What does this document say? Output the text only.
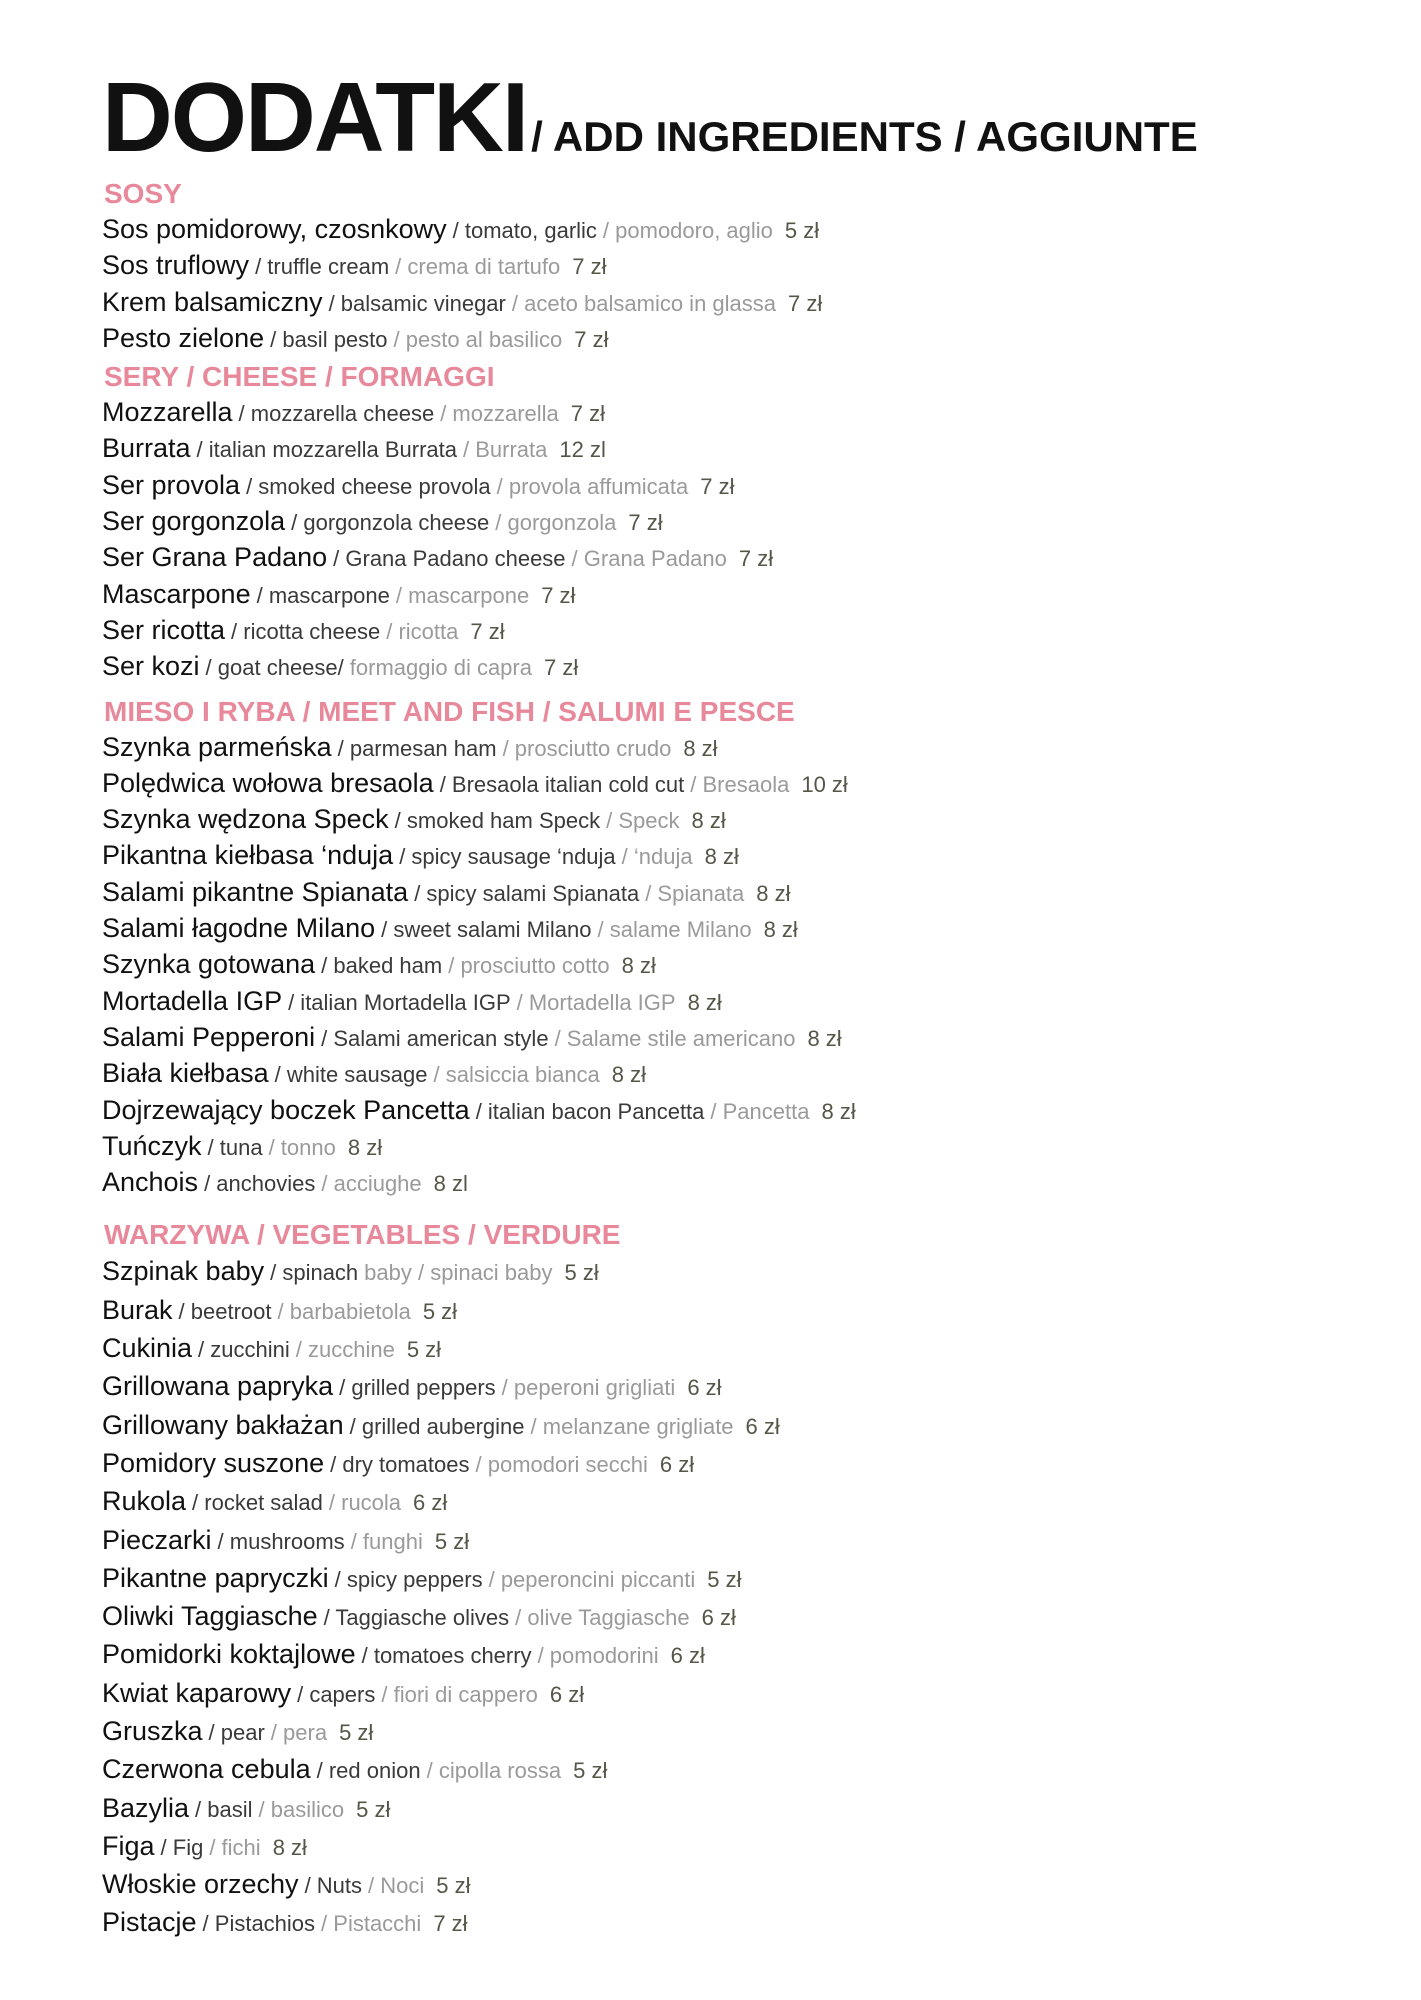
DODATKI / ADD INGREDIENTS / AGGIUNTE
SOSY
Sos pomidorowy, czosnkowy / tomato, garlic / pomodoro, aglio 5 zł
Sos truflowy / truffle cream / crema di tartufo 7 zł
Krem balsamiczny / balsamic vinegar / aceto balsamico in glassa 7 zł
Pesto zielone / basil pesto / pesto al basilico 7 zł
SERY / CHEESE / FORMAGGI
Mozzarella / mozzarella cheese / mozzarella 7 zł
Burrata / italian mozzarella Burrata / Burrata 12 zl
Ser provola / smoked cheese provola / provola affumicata 7 zł
Ser gorgonzola / gorgonzola cheese / gorgonzola 7 zł
Ser Grana Padano / Grana Padano cheese / Grana Padano 7 zł
Mascarpone / mascarpone / mascarpone 7 zł
Ser ricotta / ricotta cheese / ricotta 7 zł
Ser kozi / goat cheese/ formaggio di capra 7 zł
MIESO I RYBA / MEET AND FISH / SALUMI E PESCE
Szynka parmeńska / parmesan ham / prosciutto crudo 8 zł
Polędwica wołowa bresaola / Bresaola italian cold cut / Bresaola 10 zł
Szynka wędzona Speck / smoked ham Speck / Speck 8 zł
Pikantna kiełbasa ‘nduja / spicy sausage ‘nduja / ‘nduja 8 zł
Salami pikantne Spianata / spicy salami Spianata / Spianata 8 zł
Salami łagodne Milano / sweet salami Milano / salame Milano 8 zł
Szynka gotowana / baked ham / prosciutto cotto 8 zł
Mortadella IGP / italian Mortadella IGP / Mortadella IGP 8 zł
Salami Pepperoni / Salami american style / Salame stile americano 8 zł
Biała kiełbasa / white sausage / salsiccia bianca 8 zł
Dojrzewający boczek Pancetta / italian bacon Pancetta / Pancetta 8 zł
Tuńczyk / tuna / tonno 8 zł
Anchois / anchovies / acciughe 8 zl
WARZYWA / VEGETABLES / VERDURE
Szpinak baby / spinach baby / spinaci baby 5 zł
Burak / beetroot / barbabietola 5 zł
Cukinia / zucchini / zucchine 5 zł
Grillowana papryka / grilled peppers / peperoni grigliati 6 zł
Grillowany bakłażan / grilled aubergine / melanzane grigliate 6 zł
Pomidory suszone / dry tomatoes / pomodori secchi 6 zł
Rukola / rocket salad / rucola 6 zł
Pieczarki / mushrooms / funghi 5 zł
Pikantne papryczki / spicy peppers / peperoncini piccanti 5 zł
Oliwki Taggiasche / Taggiasche olives / olive Taggiasche 6 zł
Pomidorki koktajlowe / tomatoes cherry / pomodorini 6 zł
Kwiat kaparowy / capers / fiori di cappero 6 zł
Gruszka / pear / pera 5 zł
Czerwona cebula / red onion / cipolla rossa 5 zł
Bazylia / basil / basilico 5 zł
Figa / Fig / fichi 8 zł
Włoskie orzechy / Nuts / Noci 5 zł
Pistacje / Pistachios / Pistacchi 7 zł
